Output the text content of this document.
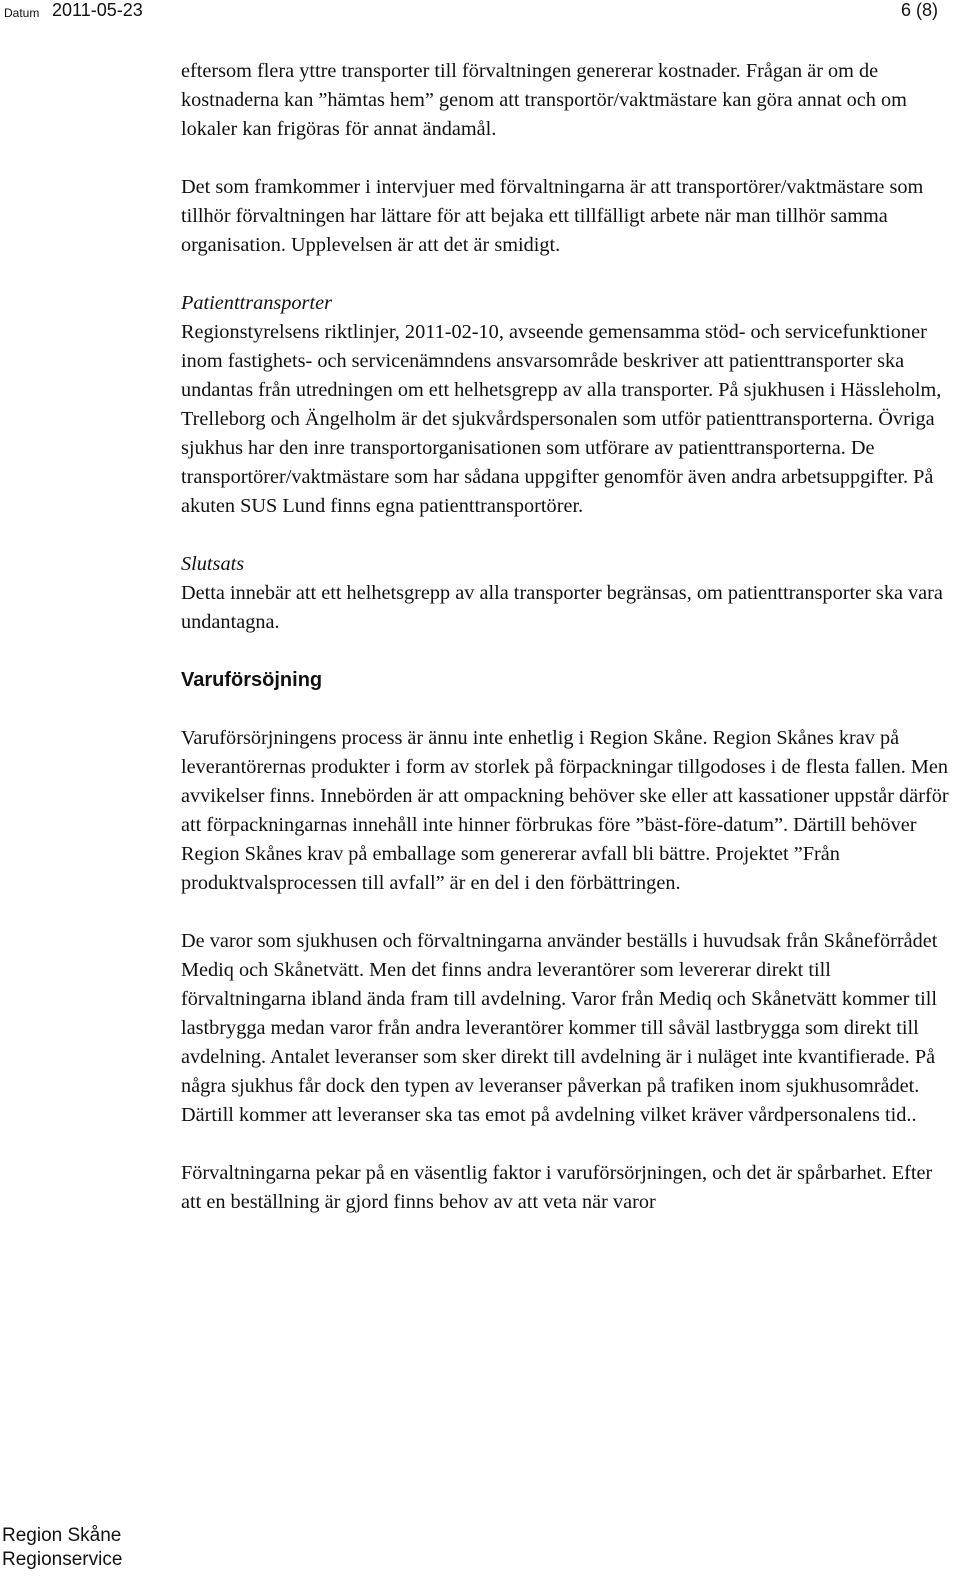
Datum 2011-05-23	6 (8)

eftersom flera yttre transporter till förvaltningen genererar kostnader. Frågan är om de kostnaderna kan ”hämtas hem” genom att transportör/vaktmästare kan göra annat och om lokaler kan frigöras för annat ändamål.

Det som framkommer i intervjuer med förvaltningarna är att transportörer/vaktmästare som tillhör förvaltningen har lättare för att bejaka ett tillfälligt arbete när man tillhör samma organisation. Upplevelsen är att det är smidigt.

Patienttransporter

Regionstyrelsens riktlinjer, 2011-02-10, avseende gemensamma stöd- och servicefunktioner inom fastighets- och servicenämndens ansvarsområde beskriver att patienttransporter ska undantas från utredningen om ett helhetsgrepp av alla transporter. På sjukhusen i Hässleholm, Trelleborg och Ängelholm är det sjukvårdspersonalen som utför patienttransporterna. Övriga sjukhus har den inre transportorganisationen som utförare av patienttransporterna. De transportörer/vaktmästare som har sådana uppgifter genomför även andra arbetsuppgifter. På akuten SUS Lund finns egna patienttransportörer.

Slutsats

Detta innebär att ett helhetsgrepp av alla transporter begränsas, om patienttransporter ska vara undantagna.

Varuförsöjning

Varuförsörjningens process är ännu inte enhetlig i Region Skåne. Region Skånes krav på leverantörernas produkter i form av storlek på förpackningar tillgodoses i de flesta fallen. Men avvikelser finns. Innebörden är att ompackning behöver ske eller att kassationer uppstår därför att förpackningarnas innehåll inte hinner förbrukas före ”bäst-före-datum”. Därtill behöver Region Skånes krav på emballage som genererar avfall bli bättre. Projektet ”Från produktvalsprocessen till avfall” är en del i den förbättringen.

De varor som sjukhusen och förvaltningarna använder beställs i huvudsak från Skåneförrådet Mediq och Skånetvätt. Men det finns andra leverantörer som levererar direkt till förvaltningarna ibland ända fram till avdelning. Varor från Mediq och Skånetvätt kommer till lastbrygga medan varor från andra leverantörer kommer till såväl lastbrygga som direkt till avdelning. Antalet leveranser som sker direkt till avdelning är i nuläget inte kvantifierade. På några sjukhus får dock den typen av leveranser påverkan på trafiken inom sjukhusområdet. Därtill kommer att leveranser ska tas emot på avdelning vilket kräver vårdpersonalens tid..

Förvaltningarna pekar på en väsentlig faktor i varuförsörjningen, och det är spårbarhet. Efter att en beställning är gjord finns behov av att veta när varor

Region Skåne
Regionservice
